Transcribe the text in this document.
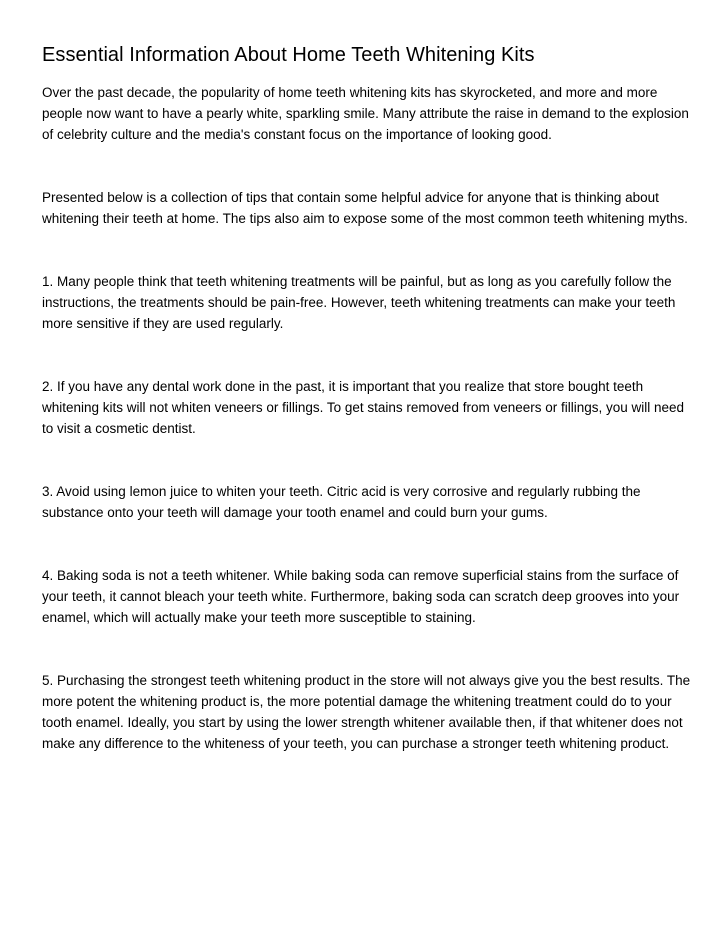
Essential Information About Home Teeth Whitening Kits

Over the past decade, the popularity of home teeth whitening kits has skyrocketed, and more and more people now want to have a pearly white, sparkling smile. Many attribute the raise in demand to the explosion of celebrity culture and the media's constant focus on the importance of looking good.

Presented below is a collection of tips that contain some helpful advice for anyone that is thinking about whitening their teeth at home. The tips also aim to expose some of the most common teeth whitening myths.

1. Many people think that teeth whitening treatments will be painful, but as long as you carefully follow the instructions, the treatments should be pain-free. However, teeth whitening treatments can make your teeth more sensitive if they are used regularly.

2. If you have any dental work done in the past, it is important that you realize that store bought teeth whitening kits will not whiten veneers or fillings. To get stains removed from veneers or fillings, you will need to visit a cosmetic dentist.

3. Avoid using lemon juice to whiten your teeth. Citric acid is very corrosive and regularly rubbing the substance onto your teeth will damage your tooth enamel and could burn your gums.

4. Baking soda is not a teeth whitener. While baking soda can remove superficial stains from the surface of your teeth, it cannot bleach your teeth white. Furthermore, baking soda can scratch deep grooves into your enamel, which will actually make your teeth more susceptible to staining.

5. Purchasing the strongest teeth whitening product in the store will not always give you the best results. The more potent the whitening product is, the more potential damage the whitening treatment could do to your tooth enamel. Ideally, you start by using the lower strength whitener available then, if that whitener does not make any difference to the whiteness of your teeth, you can purchase a stronger teeth whitening product.
